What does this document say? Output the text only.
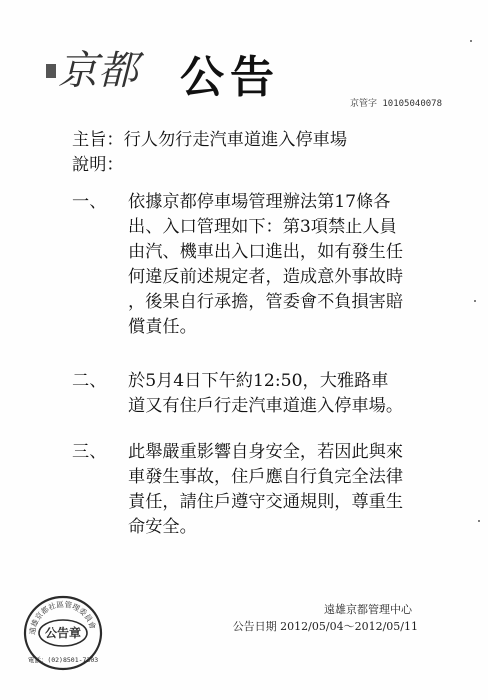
京都 公告
京管字 10105040078
主旨：行人勿行走汽車道進入停車場
說明：
一、 依據京都停車場管理辦法第17條各
出、入口管理如下：第3項禁止人員
由汽、機車出入口進出，如有發生任
何違反前述規定者，造成意外事故時
，後果自行承擔，管委會不負損害賠
償責任。
二、 於5月4日下午約12:50，大雅路車
道又有住戶行走汽車道進入停車場。
三、 此舉嚴重影響自身安全，若因此與來
車發生事故，住戶應自行負完全法律
責任，請住戶遵守交通規則，尊重生
命安全。
遠雄京都社區管理委員會
公告章
電話：(02)8501-7303
遠雄京都管理中心
公告日期 2012/05/04～2012/05/11
